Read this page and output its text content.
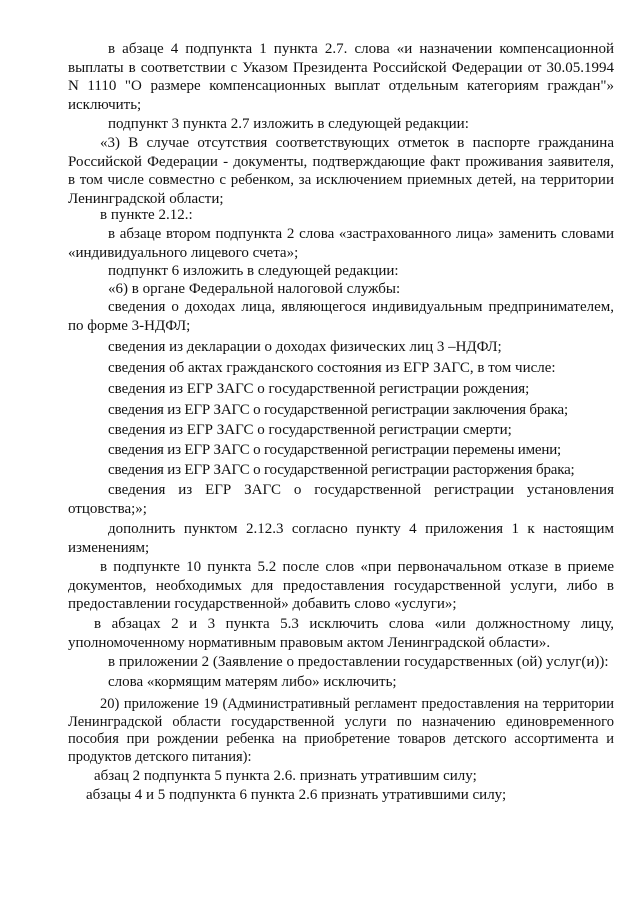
в абзаце 4 подпункта 1 пункта 2.7. слова «и назначении компенсационной выплаты в соответствии с Указом Президента Российской Федерации от 30.05.1994 N 1110 "О размере компенсационных выплат отдельным категориям граждан"» исключить;

подпункт 3 пункта 2.7 изложить в следующей редакции:

«3) В случае отсутствия соответствующих отметок в паспорте гражданина Российской Федерации - документы, подтверждающие факт проживания заявителя, в том числе совместно с ребенком, за исключением приемных детей, на территории Ленинградской области;

в пункте 2.12.:

в абзаце втором подпункта 2 слова «застрахованного лица» заменить словами «индивидуального лицевого счета»;

подпункт 6 изложить в следующей редакции:

«6) в органе Федеральной налоговой службы:

сведения о доходах лица, являющегося индивидуальным предпринимателем, по форме 3-НДФЛ;

сведения из декларации о доходах физических лиц 3 –НДФЛ;

сведения об актах гражданского состояния из ЕГР ЗАГС, в том числе:

сведения из ЕГР ЗАГС о государственной регистрации рождения;

сведения из ЕГР ЗАГС о государственной регистрации заключения брака;

сведения из ЕГР ЗАГС о государственной регистрации смерти;

сведения из ЕГР ЗАГС о государственной регистрации перемены имени;

сведения из ЕГР ЗАГС о государственной регистрации расторжения брака;

сведения из ЕГР ЗАГС о государственной регистрации установления отцовства;»;

дополнить пунктом 2.12.3 согласно пункту 4 приложения 1 к настоящим изменениям;

в подпункте 10 пункта 5.2 после слов «при первоначальном отказе в приеме документов, необходимых для предоставления государственной услуги, либо в предоставлении государственной» добавить слово «услуги»;

в абзацах 2 и 3 пункта 5.3 исключить слова «или должностному лицу, уполномоченному нормативным правовым актом Ленинградской области».

в приложении 2 (Заявление о предоставлении государственных (ой) услуг(и)):

слова «кормящим матерям либо» исключить;

20) приложение 19 (Административный регламент предоставления на территории Ленинградской области государственной услуги по назначению единовременного пособия при рождении ребенка на приобретение товаров детского ассортимента и продуктов детского питания):

абзац 2 подпункта 5 пункта 2.6. признать утратившим силу;

абзацы 4 и 5 подпункта 6 пункта 2.6 признать утратившими силу;
